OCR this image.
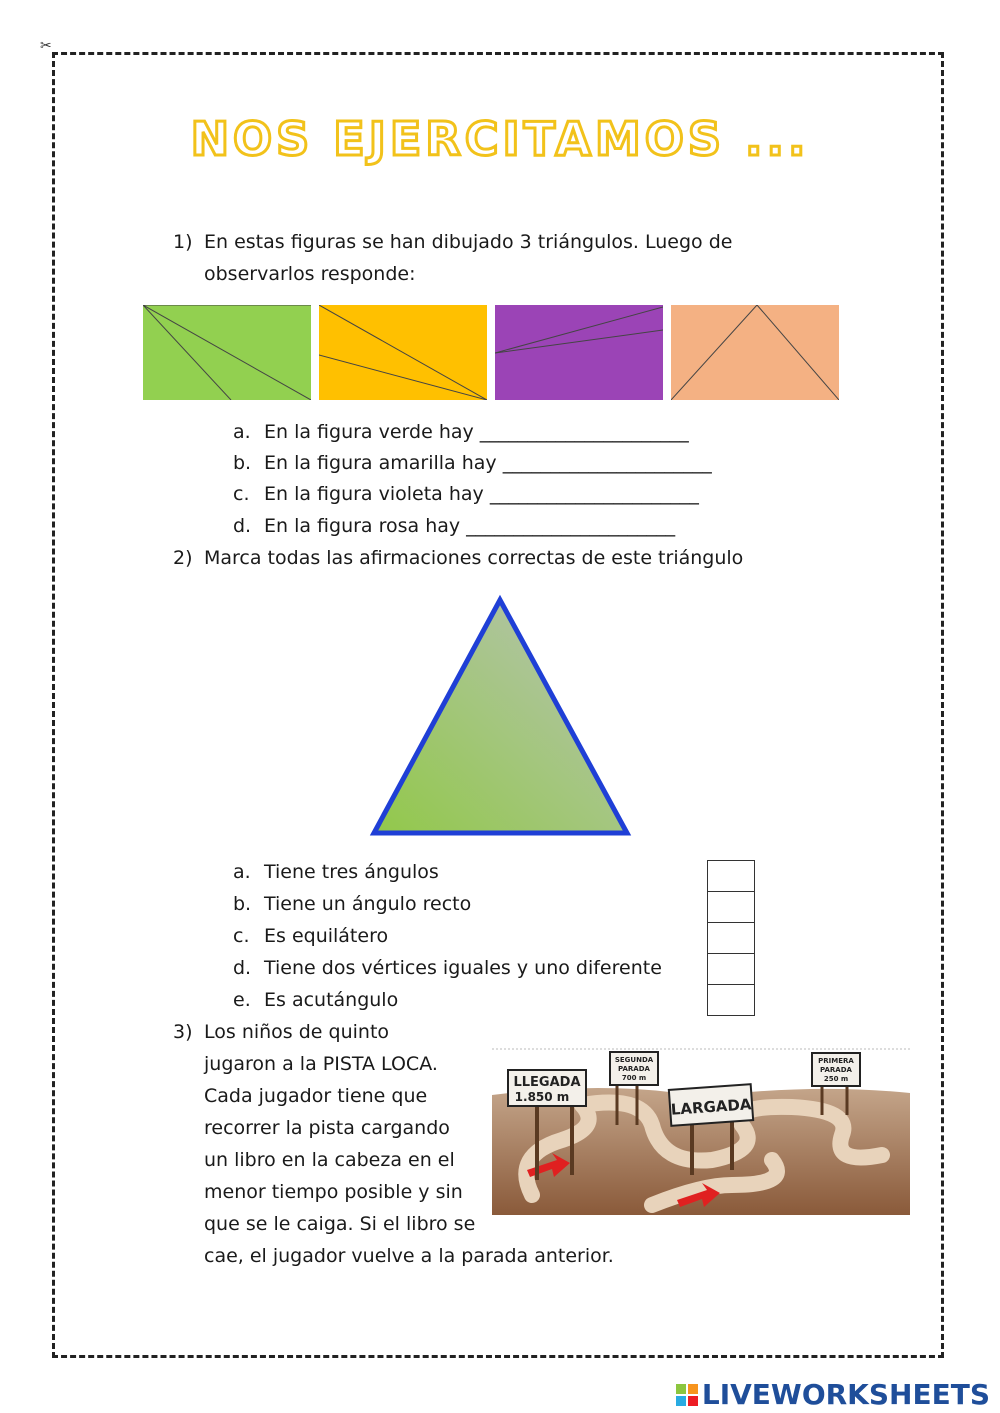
✂
NOS EJERCITAMOS ...
1) En estas figuras se han dibujado 3 triángulos. Luego de
observarlos responde:
a. En la figura verde hay ______________________
b. En la figura amarilla hay ______________________
c. En la figura violeta hay ______________________
d. En la figura rosa hay ______________________
2) Marca todas las afirmaciones correctas de este triángulo
a. Tiene tres ángulos
b. Tiene un ángulo recto
c. Es equilátero
d. Tiene dos vértices iguales y uno diferente
e. Es acutángulo
3) Los niños de quinto
jugaron a la PISTA LOCA.
Cada jugador tiene que
recorrer la pista cargando
un libro en la cabeza en el
menor tiempo posible y sin
que se le caiga. Si el libro se
cae, el jugador vuelve a la parada anterior.
LLEGADA
1.850 m
SEGUNDA
PARADA
700 m
LARGADA
PRIMERA
PARADA
250 m
LIVEWORKSHEETS
